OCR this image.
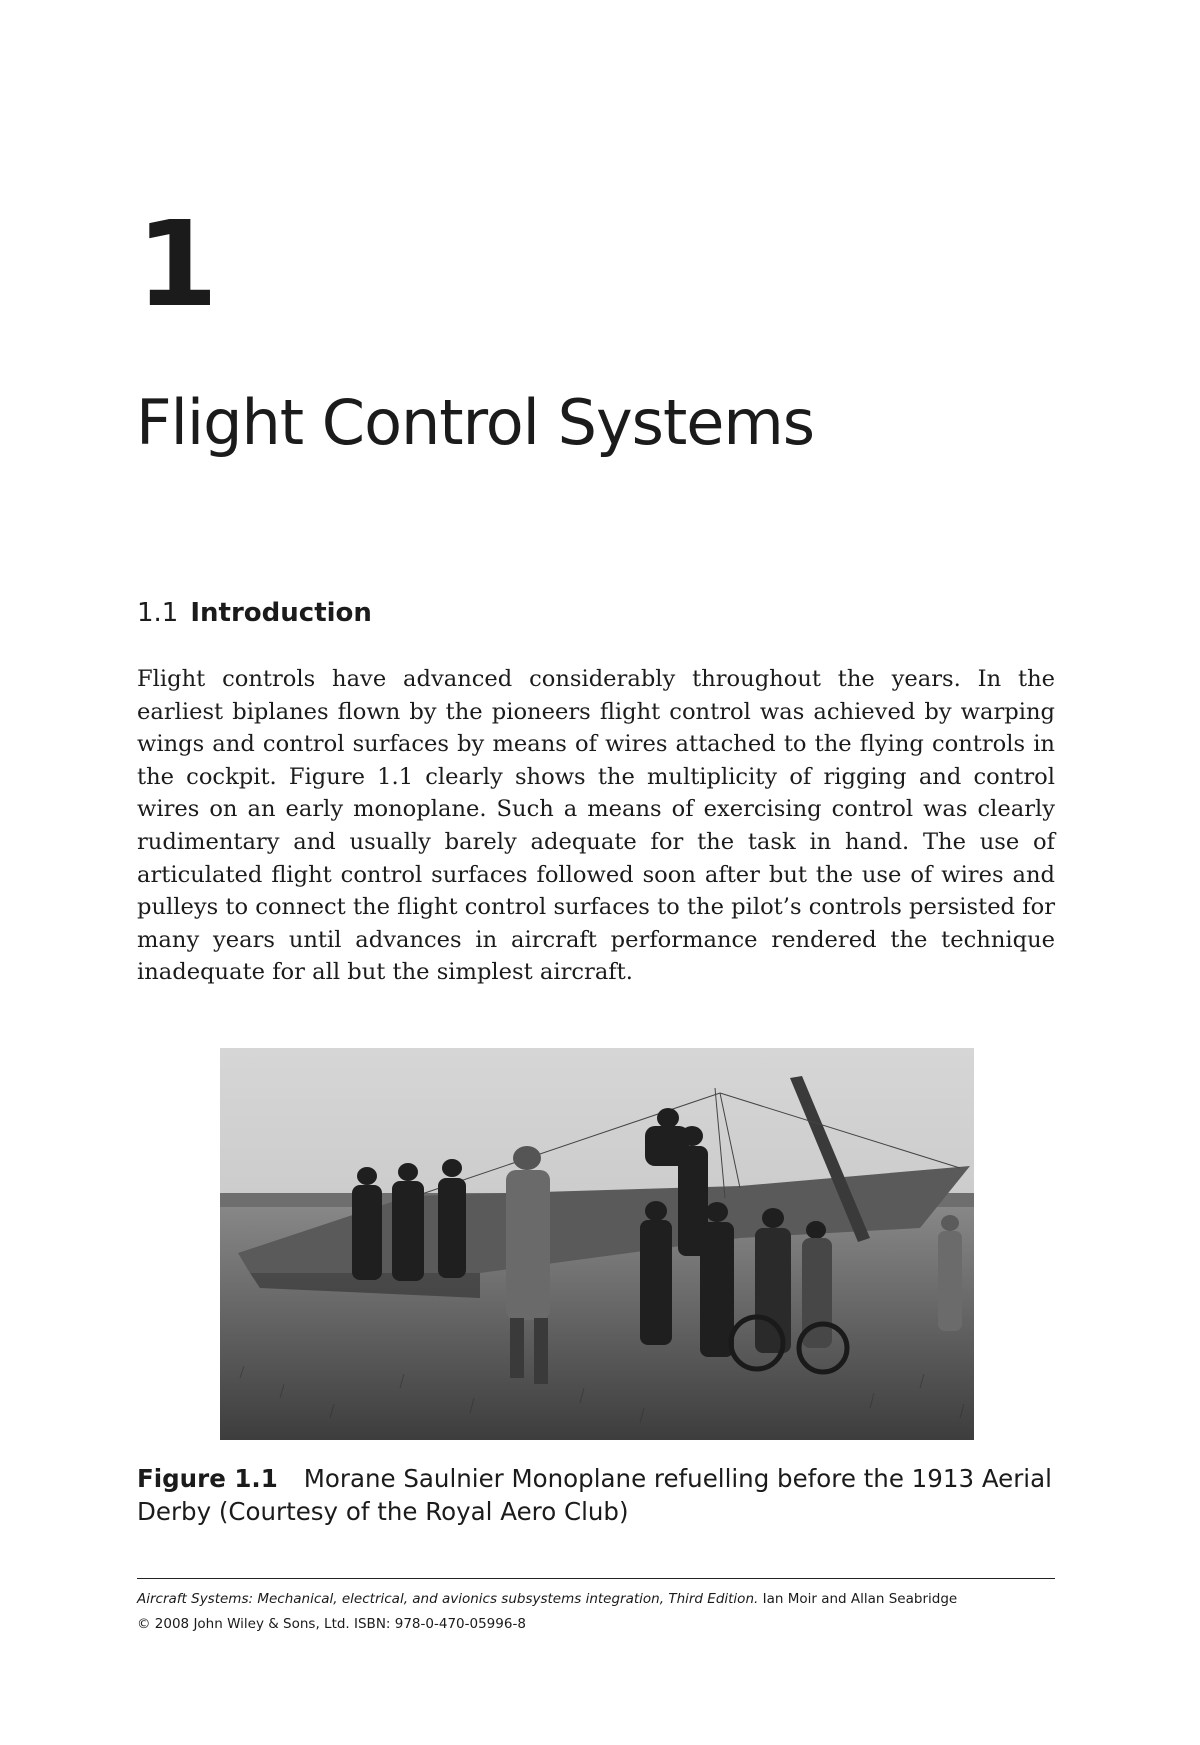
1
Flight Control Systems
1.1 Introduction

Flight controls have advanced considerably throughout the years. In the earliest biplanes flown by the pioneers flight control was achieved by warping wings and control surfaces by means of wires attached to the flying controls in the cockpit. Figure 1.1 clearly shows the multiplicity of rigging and control wires on an early monoplane. Such a means of exercising control was clearly rudimentary and usually barely adequate for the task in hand. The use of articulated flight control surfaces followed soon after but the use of wires and pulleys to connect the flight control surfaces to the pilot’s controls persisted for many years until advances in aircraft performance rendered the technique inadequate for all but the simplest aircraft.

Figure 1.1 Morane Saulnier Monoplane refuelling before the 1913 Aerial Derby (Courtesy of the Royal Aero Club)

Aircraft Systems: Mechanical, electrical, and avionics subsystems integration, Third Edition. Ian Moir and Allan Seabridge
© 2008 John Wiley & Sons, Ltd. ISBN: 978-0-470-05996-8
